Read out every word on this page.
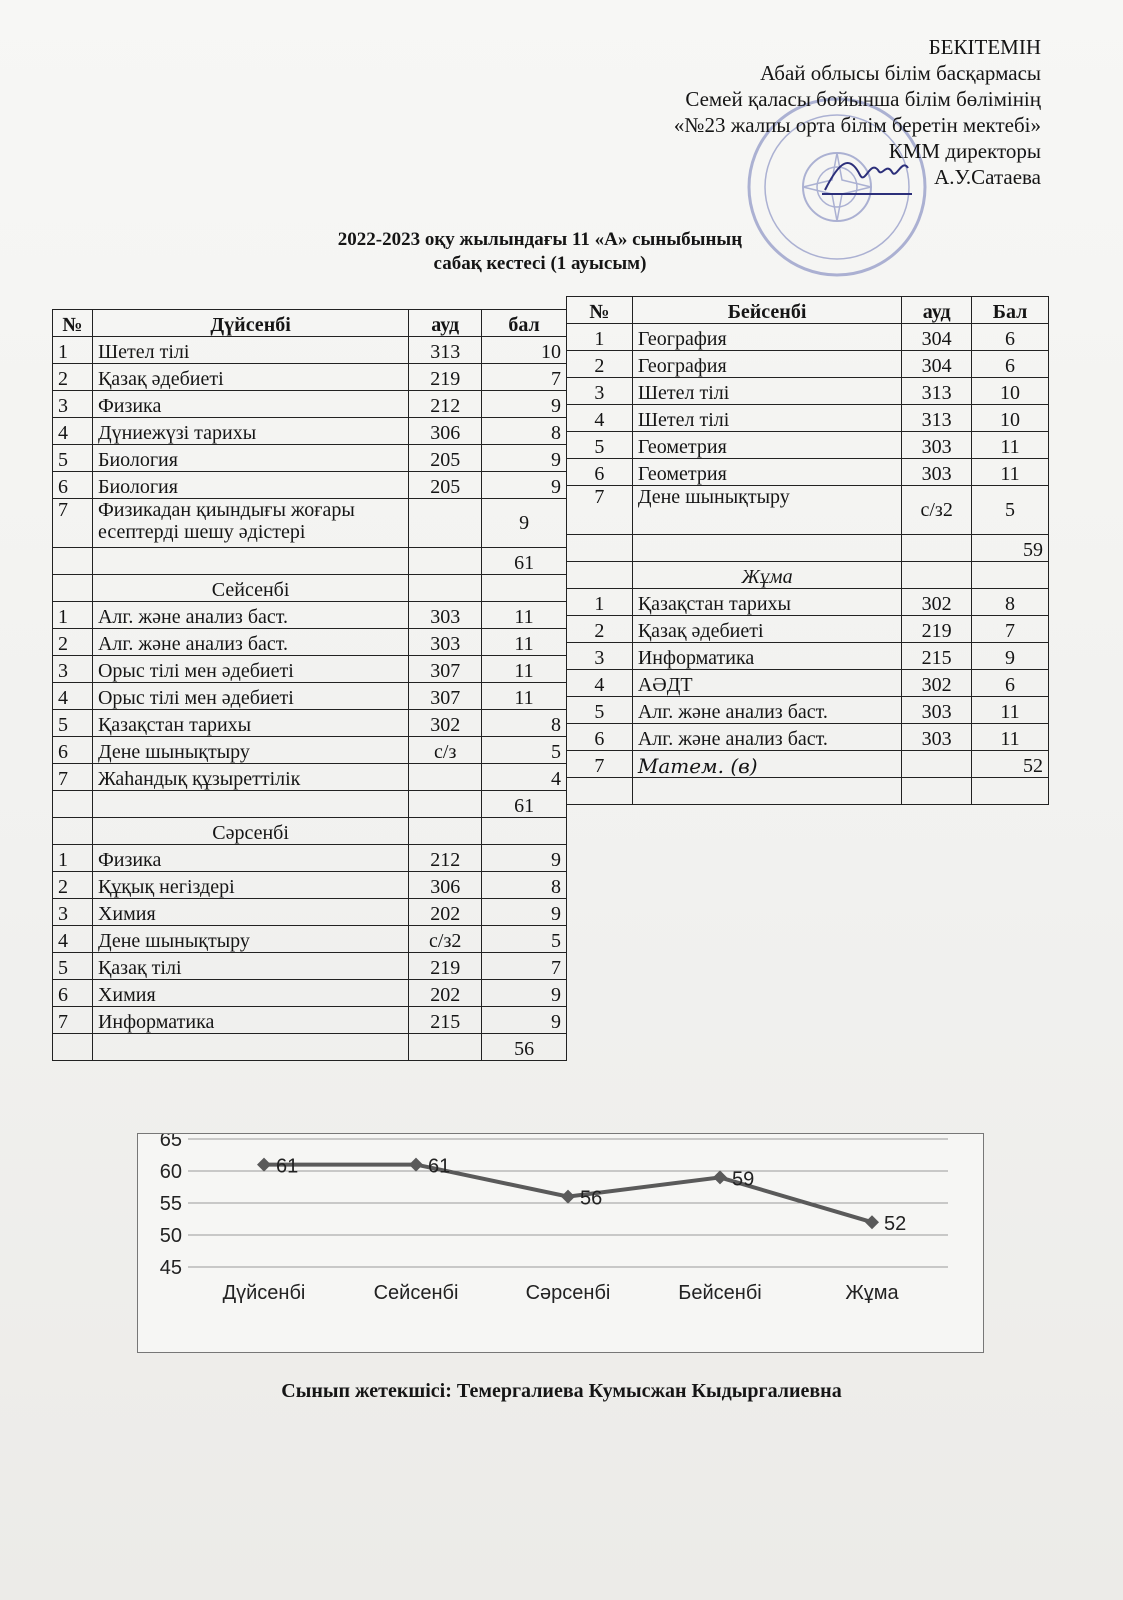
БЕКІТЕМІН
Абай облысы білім басқармасы
Семей қаласы бойынша білім бөлімінің
«№23 жалпы орта білім беретін мектебі»
КММ директоры
А.У.Сатаева
2022-2023 оқу жылындағы 11 «А» сыныбының
сабақ кестесі (1 ауысым)
№	Дүйсенбі	ауд	бал
1	Шетел тілі	313	10
2	Қазақ әдебиеті	219	7
3	Физика	212	9
4	Дүниежүзі тарихы	306	8
5	Биология	205	9
6	Биология	205	9
7	Физикадан қиындығы жоғары есептерді шешу әдістері		9
			61
	Сейсенбі		
1	Алг. және анализ баст.	303	11
2	Алг. және анализ баст.	303	11
3	Орыс тілі мен әдебиеті	307	11
4	Орыс тілі мен әдебиеті	307	11
5	Қазақстан тарихы	302	8
6	Дене шынықтыру	с/з	5
7	Жаһандық құзыреттілік		4
			61
	Сәрсенбі		
1	Физика	212	9
2	Құқық негіздері	306	8
3	Химия	202	9
4	Дене шынықтыру	с/з2	5
5	Қазақ тілі	219	7
6	Химия	202	9
7	Информатика	215	9
			56
№	Бейсенбі	ауд	Бал
1	География	304	6
2	География	304	6
3	Шетел тілі	313	10
4	Шетел тілі	313	10
5	Геометрия	303	11
6	Геометрия	303	11
7	Дене шынықтыру	с/з2	5
			59
	Жұма		
1	Қазақстан тарихы	302	8
2	Қазақ әдебиеті	219	7
3	Информатика	215	9
4	АӘДТ	302	6
5	Алг. және анализ баст.	303	11
6	Алг. және анализ баст.	303	11
7	Матем. (в)		52

45
50
55
60
65
Дүйсенбі	Сейсенбі	Сәрсенбі	Бейсенбі	Жұма
61	61
56
59
52
Сынып жетекшісі: Темергалиева Кумысжан Кыдыргалиевна
